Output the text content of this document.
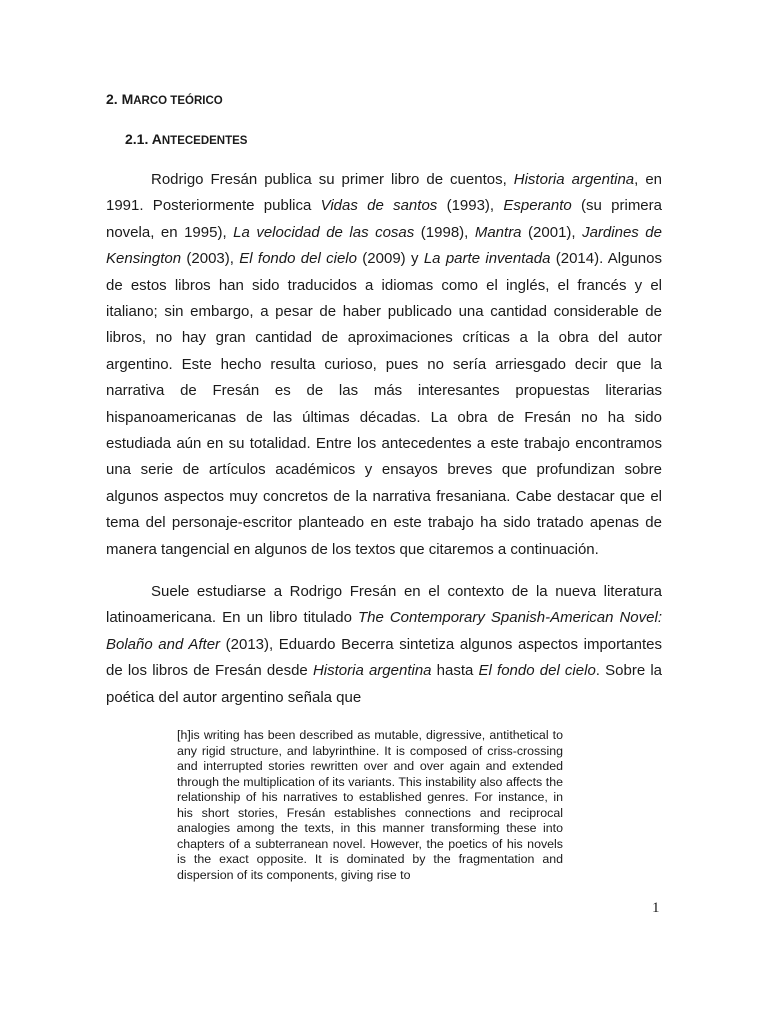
2. MARCO TEÓRICO
2.1. ANTECEDENTES

Rodrigo Fresán publica su primer libro de cuentos, Historia argentina, en 1991. Posteriormente publica Vidas de santos (1993), Esperanto (su primera novela, en 1995), La velocidad de las cosas (1998), Mantra (2001), Jardines de Kensington (2003), El fondo del cielo (2009) y La parte inventada (2014). Algunos de estos libros han sido traducidos a idiomas como el inglés, el francés y el italiano; sin embargo, a pesar de haber publicado una cantidad considerable de libros, no hay gran cantidad de aproximaciones críticas a la obra del autor argentino. Este hecho resulta curioso, pues no sería arriesgado decir que la narrativa de Fresán es de las más interesantes propuestas literarias hispanoamericanas de las últimas décadas. La obra de Fresán no ha sido estudiada aún en su totalidad. Entre los antecedentes a este trabajo encontramos una serie de artículos académicos y ensayos breves que profundizan sobre algunos aspectos muy concretos de la narrativa fresaniana. Cabe destacar que el tema del personaje-escritor planteado en este trabajo ha sido tratado apenas de manera tangencial en algunos de los textos que citaremos a continuación.

Suele estudiarse a Rodrigo Fresán en el contexto de la nueva literatura latinoamericana. En un libro titulado The Contemporary Spanish-American Novel: Bolaño and After (2013), Eduardo Becerra sintetiza algunos aspectos importantes de los libros de Fresán desde Historia argentina hasta El fondo del cielo. Sobre la poética del autor argentino señala que

[h]is writing has been described as mutable, digressive, antithetical to any rigid structure, and labyrinthine. It is composed of criss-crossing and interrupted stories rewritten over and over again and extended through the multiplication of its variants. This instability also affects the relationship of his narratives to established genres. For instance, in his short stories, Fresán establishes connections and reciprocal analogies among the texts, in this manner transforming these into chapters of a subterranean novel. However, the poetics of his novels is the exact opposite. It is dominated by the fragmentation and dispersion of its components, giving rise to

1
